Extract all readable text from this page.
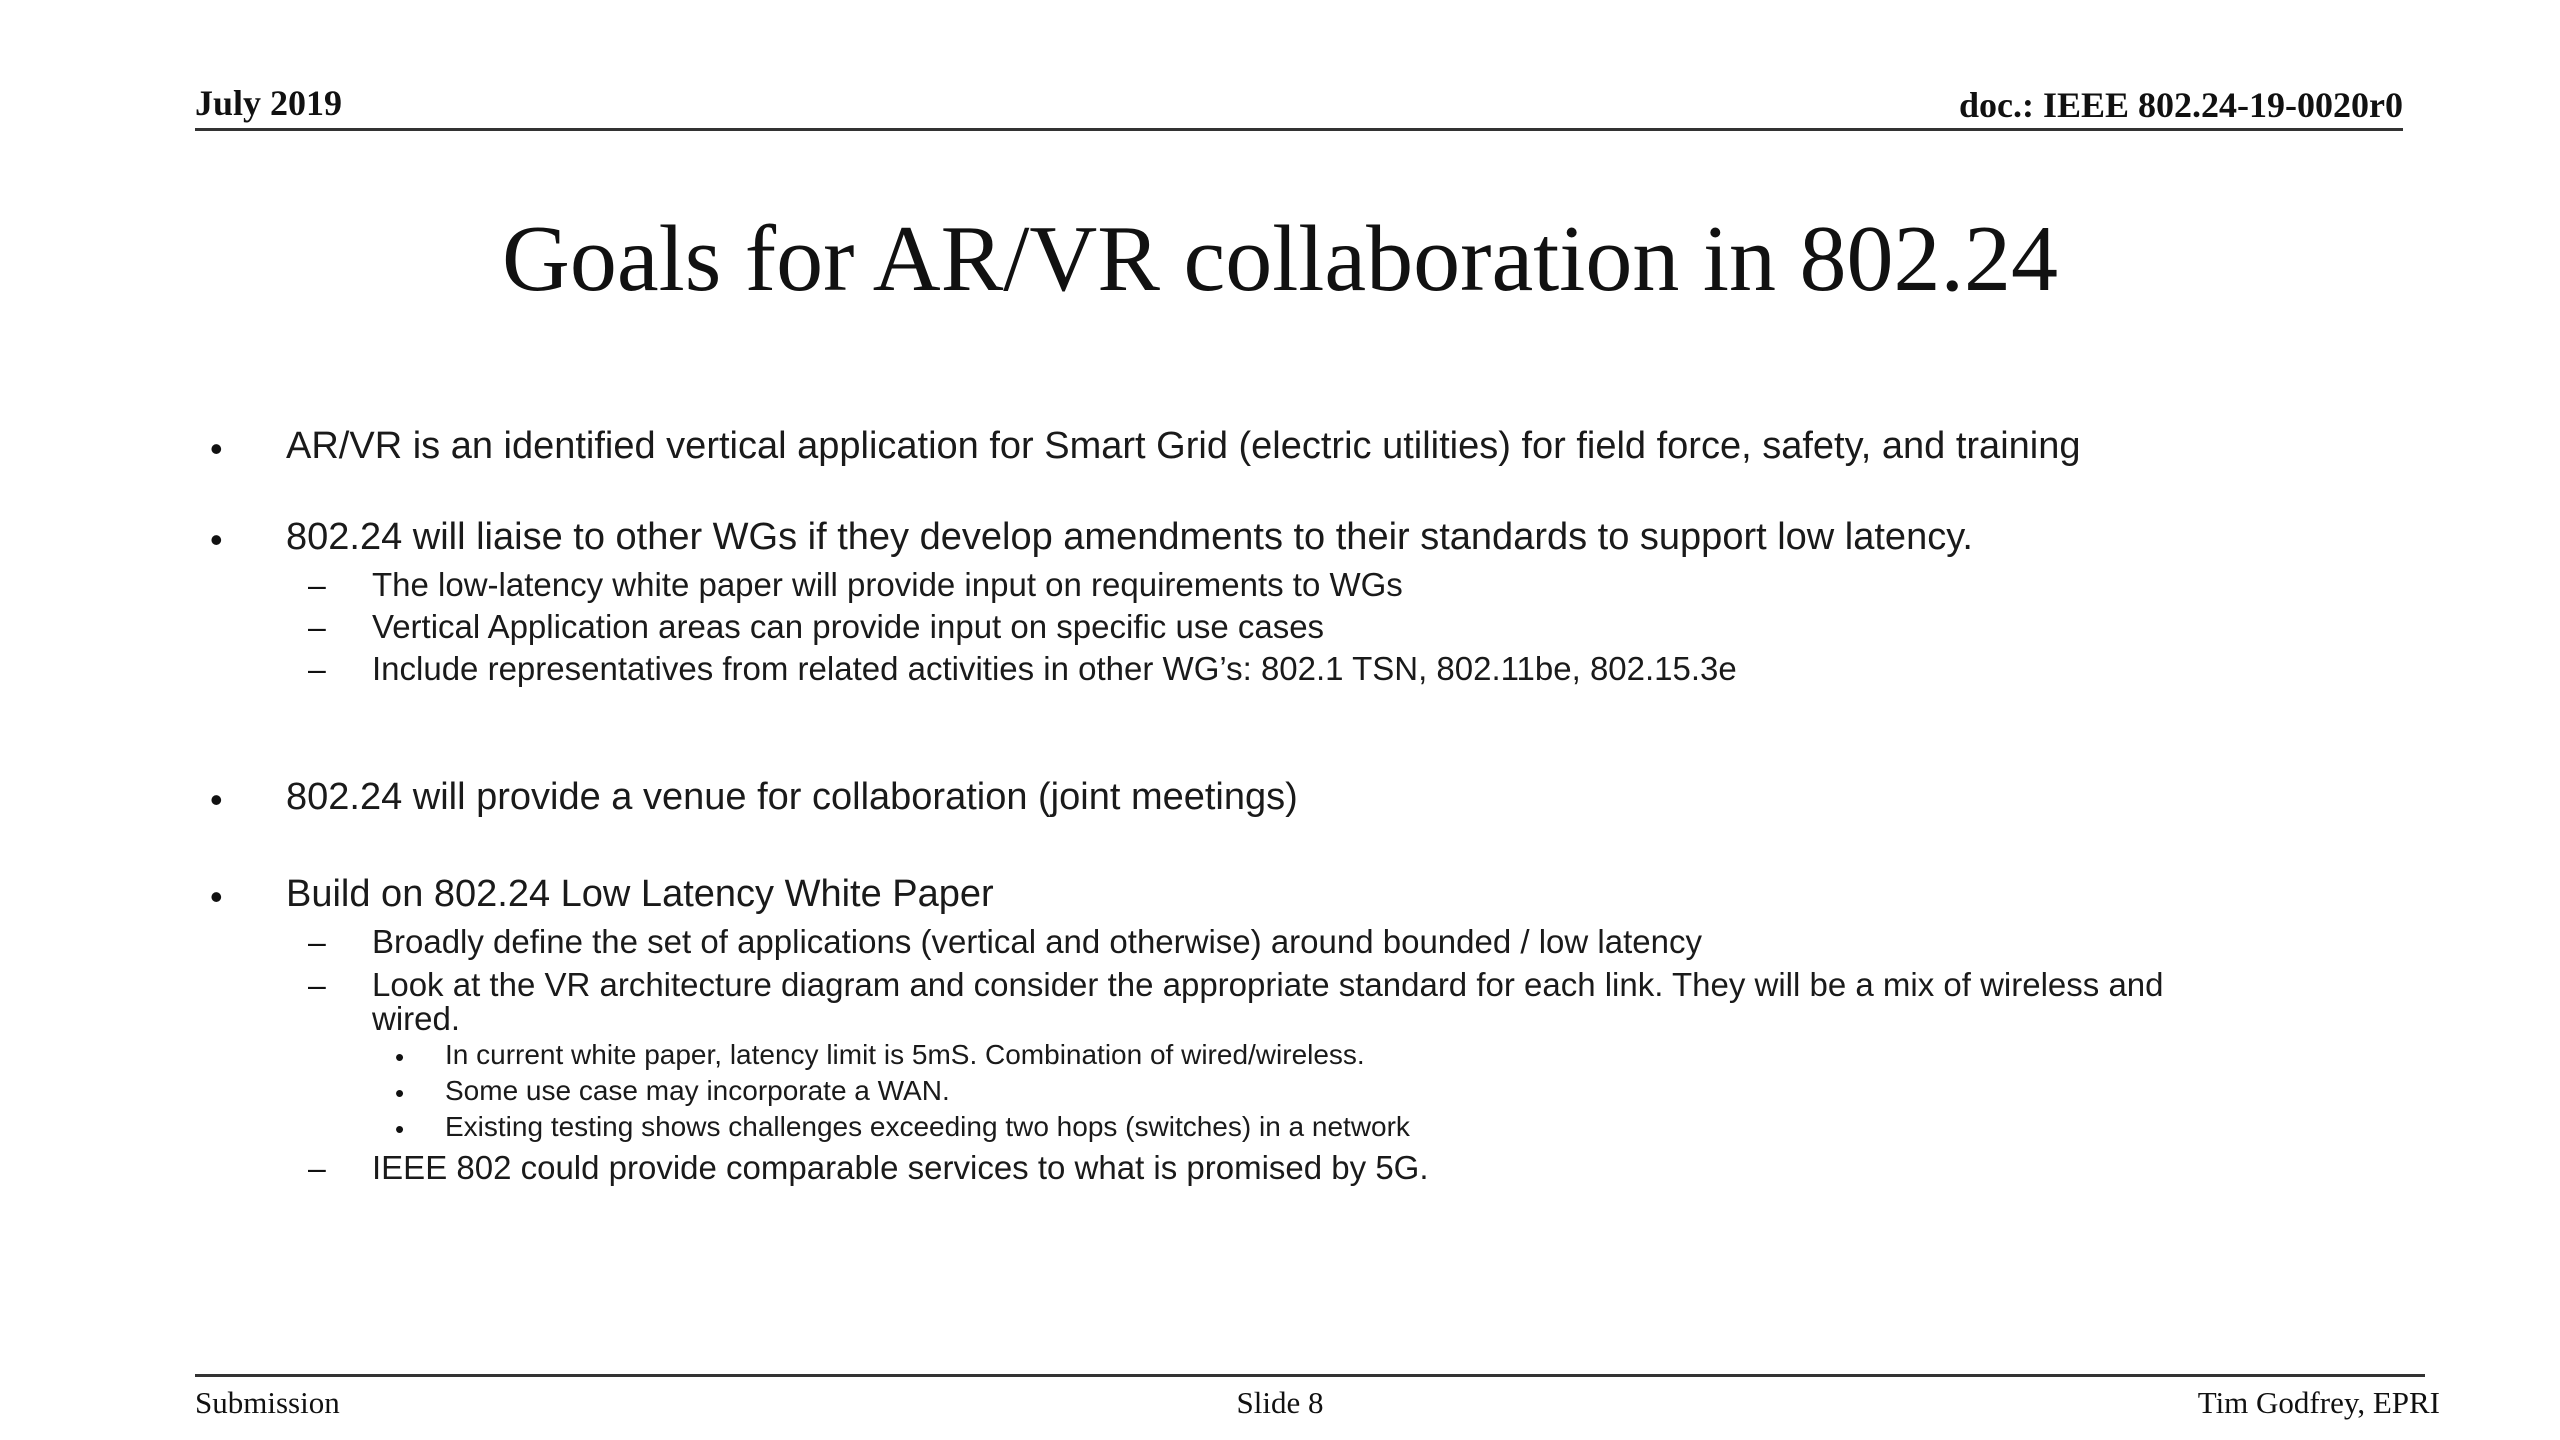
July 2019	doc.: IEEE 802.24-19-0020r0
Goals for AR/VR collaboration in 802.24
• AR/VR is an identified vertical application for Smart Grid (electric utilities) for field force, safety, and training
• 802.24 will liaise to other WGs if they develop amendments to their standards to support low latency.
– The low-latency white paper will provide input on requirements to WGs
– Vertical Application areas can provide input on specific use cases
– Include representatives from related activities in other WG’s: 802.1 TSN, 802.11be, 802.15.3e
• 802.24 will provide a venue for collaboration (joint meetings)
• Build on 802.24 Low Latency White Paper
– Broadly define the set of applications (vertical and otherwise) around bounded / low latency
– Look at the VR architecture diagram and consider the appropriate standard for each link. They will be a mix of wireless and
wired.
• In current white paper, latency limit is 5mS. Combination of wired/wireless.
• Some use case may incorporate a WAN.
• Existing testing shows challenges exceeding two hops (switches) in a network
– IEEE 802 could provide comparable services to what is promised by 5G.
Submission	Slide 8	Tim Godfrey, EPRI
